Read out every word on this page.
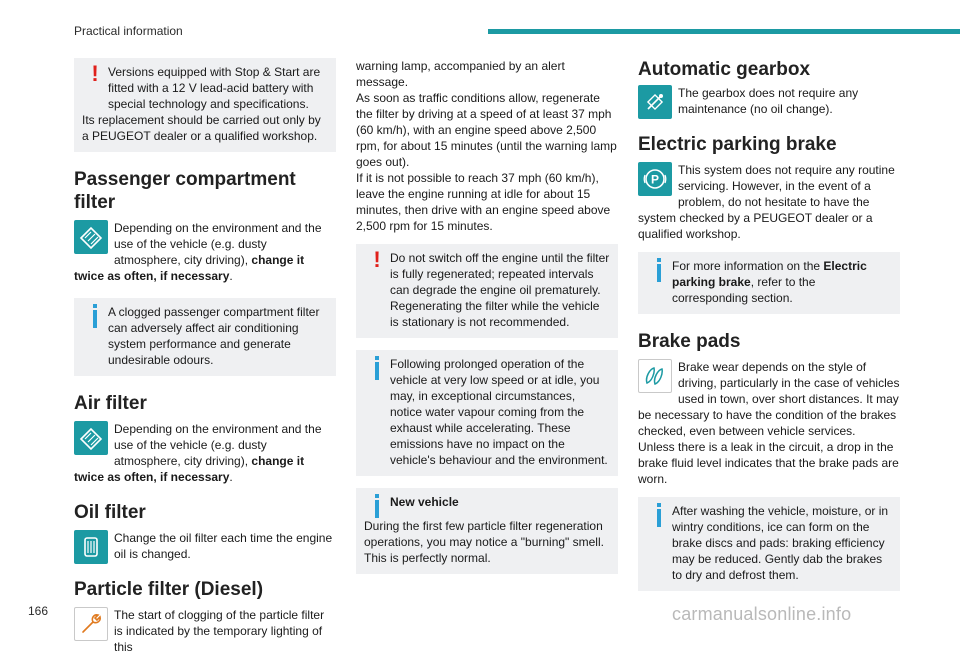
Practical information
! Versions equipped with Stop & Start are fitted with a 12 V lead-acid battery with special technology and specifications.
Its replacement should be carried out only by a PEUGEOT dealer or a qualified workshop.
Passenger compartment filter
Depending on the environment and the use of the vehicle (e.g. dusty atmosphere, city driving), change it twice as often, if necessary.
A clogged passenger compartment filter can adversely affect air conditioning system performance and generate undesirable odours.
Air filter
Depending on the environment and the use of the vehicle (e.g. dusty atmosphere, city driving), change it twice as often, if necessary.
Oil filter
Change the oil filter each time the engine oil is changed.
Particle filter (Diesel)
The start of clogging of the particle filter is indicated by the temporary lighting of this

warning lamp, accompanied by an alert message.

As soon as traffic conditions allow, regenerate the filter by driving at a speed of at least 37 mph (60 km/h), with an engine speed above 2,500 rpm, for about 15 minutes (until the warning lamp goes out).

If it is not possible to reach 37 mph (60 km/h), leave the engine running at idle for about 15 minutes, then drive with an engine speed above 2,500 rpm for 15 minutes.

! Do not switch off the engine until the filter is fully regenerated; repeated intervals can degrade the engine oil prematurely. Regenerating the filter while the vehicle is stationary is not recommended.
Following prolonged operation of the vehicle at very low speed or at idle, you may, in exceptional circumstances, notice water vapour coming from the exhaust while accelerating. These emissions have no impact on the vehicle's behaviour and the environment.
New vehicle
During the first few particle filter regeneration operations, you may notice a "burning" smell. This is perfectly normal.
Automatic gearbox
The gearbox does not require any maintenance (no oil change).
Electric parking brake
P
This system does not require any routine servicing. However, in the event of a problem, do not hesitate to have the system checked by a PEUGEOT dealer or a qualified workshop.
For more information on the Electric parking brake, refer to the corresponding section.
Brake pads

Brake wear depends on the style of driving, particularly in the case of vehicles used in town, over short distances. It may be necessary to have the condition of the brakes checked, even between vehicle services.

Unless there is a leak in the circuit, a drop in the brake fluid level indicates that the brake pads are worn.

After washing the vehicle, moisture, or in wintry conditions, ice can form on the brake discs and pads: braking efficiency may be reduced. Gently dab the brakes to dry and defrost them.
166	carmanualsonline.info
